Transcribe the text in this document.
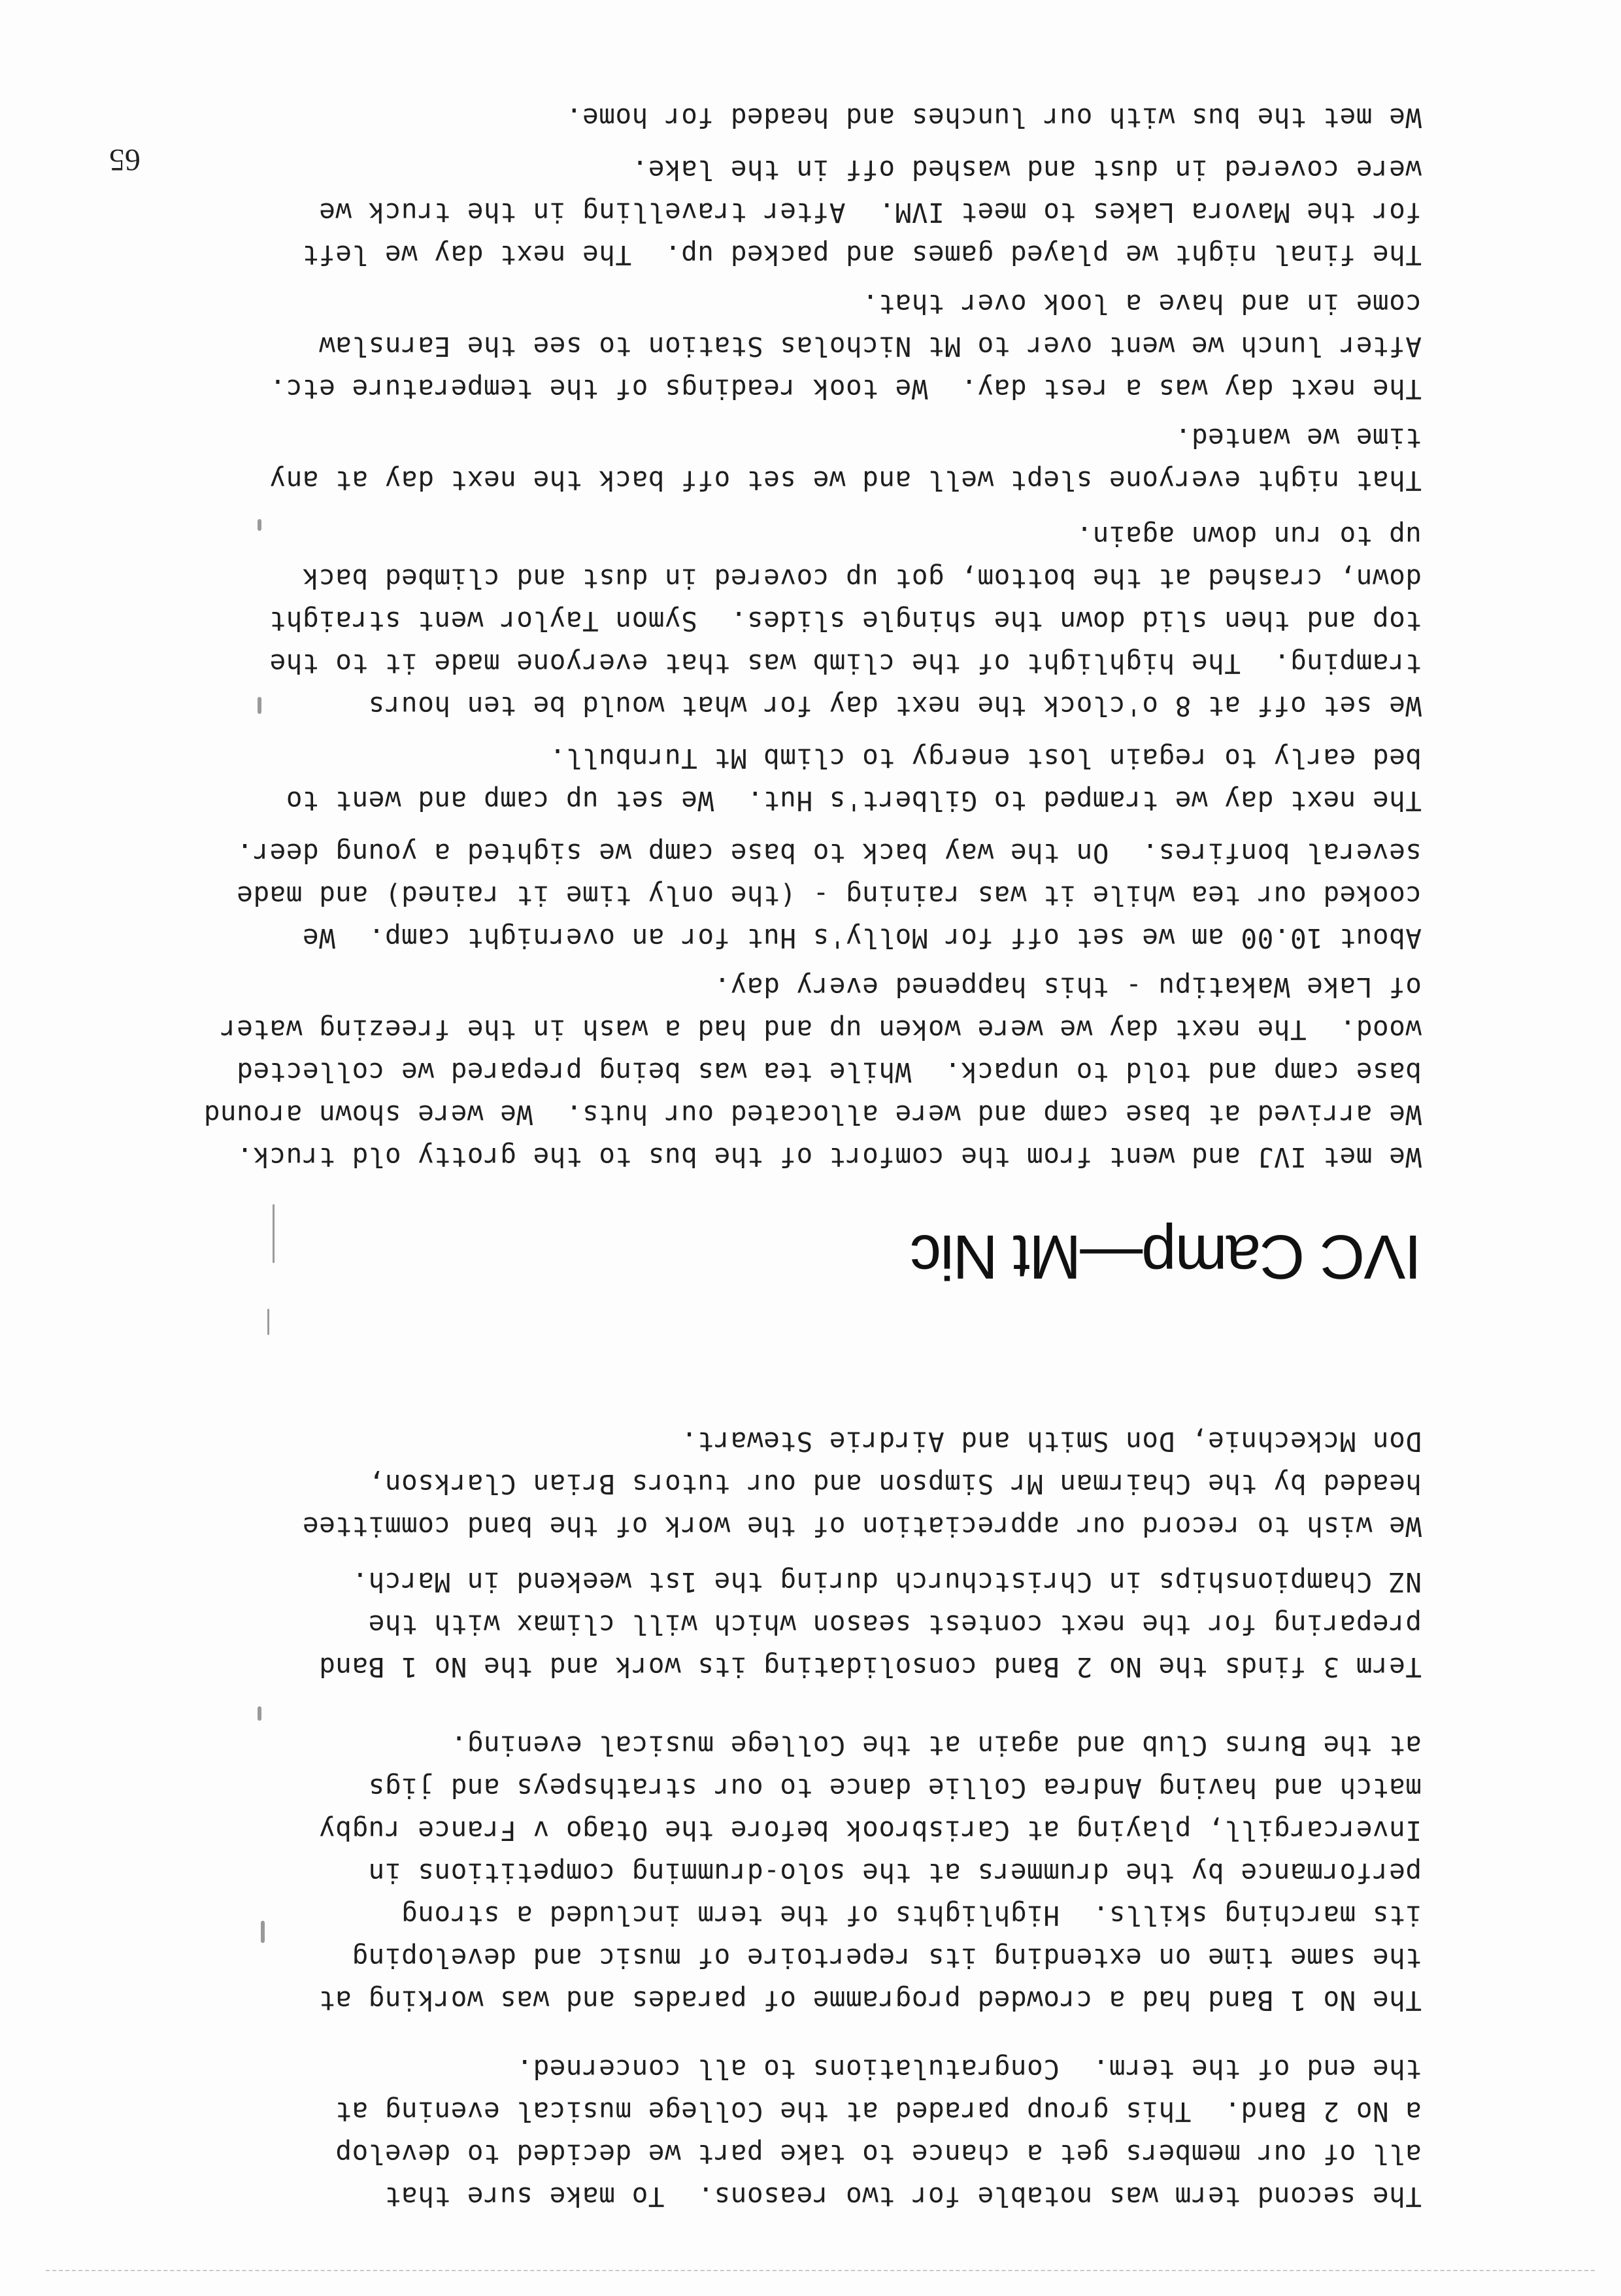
The second term was notable for two reasons.  To make sure that
all of our members get a chance to take part we decided to develop
a No 2 Band.  This group paraded at the College musical evening at
the end of the term.  Congratulations to all concerned.

The No 1 Band had a crowded programme of parades and was working at
the same time on extending its repertoire of music and developing
its marching skills.  Highlights of the term included a strong
performance by the drummers at the solo-drumming competitions in
Invercargill, playing at Carisbrook before the Otago v France rugby
match and having Andrea Collie dance to our strathspeys and jigs
at the Burns Club and again at the College musical evening.

Term 3 finds the No 2 Band consolidating its work and the No 1 Band
preparing for the next contest season which will climax with the
NZ Championships in Christchurch during the 1st weekend in March.

We wish to record our appreciation of the work of the band committee
headed by the Chairman Mr Simpson and our tutors Brian Clarkson,
Don Mckechnie, Don Smith and Airdrie Stewart.

IVC Camp—Mt Nic

We met IVJ and went from the comfort of the bus to the grotty old truck.
We arrived at base camp and were allocated our huts.  We were shown around
base camp and told to unpack.  While tea was being prepared we collected
wood.  The next day we were woken up and had a wash in the freezing water
of Lake Wakatipu - this happened every day.

About 10.00 am we set off for Molly's Hut for an overnight camp.  We
cooked our tea while it was raining - (the only time it rained) and made
several bonfires.  On the way back to base camp we sighted a young deer.

The next day we tramped to Gilbert's Hut.  We set up camp and went to
bed early to regain lost energy to climb Mt Turnbull.

We set off at 8 o'clock the next day for what would be ten hours
tramping.  The highlight of the climb was that everyone made it to the
top and then slid down the shingle slides.  Symon Taylor went straight
down, crashed at the bottom, got up covered in dust and climbed back
up to run down again.

That night everyone slept well and we set off back the next day at any
time we wanted.

The next day was a rest day.  We took readings of the temperature etc.
After lunch we went over to Mt Nicholas Station to see the Earnslaw
come in and have a look over that.

The final night we played games and packed up.  The next day we left
for the Mavora Lakes to meet IVM.  After travelling in the truck we
were covered in dust and washed off in the lake.

We met the bus with our lunches and headed for home.

65
